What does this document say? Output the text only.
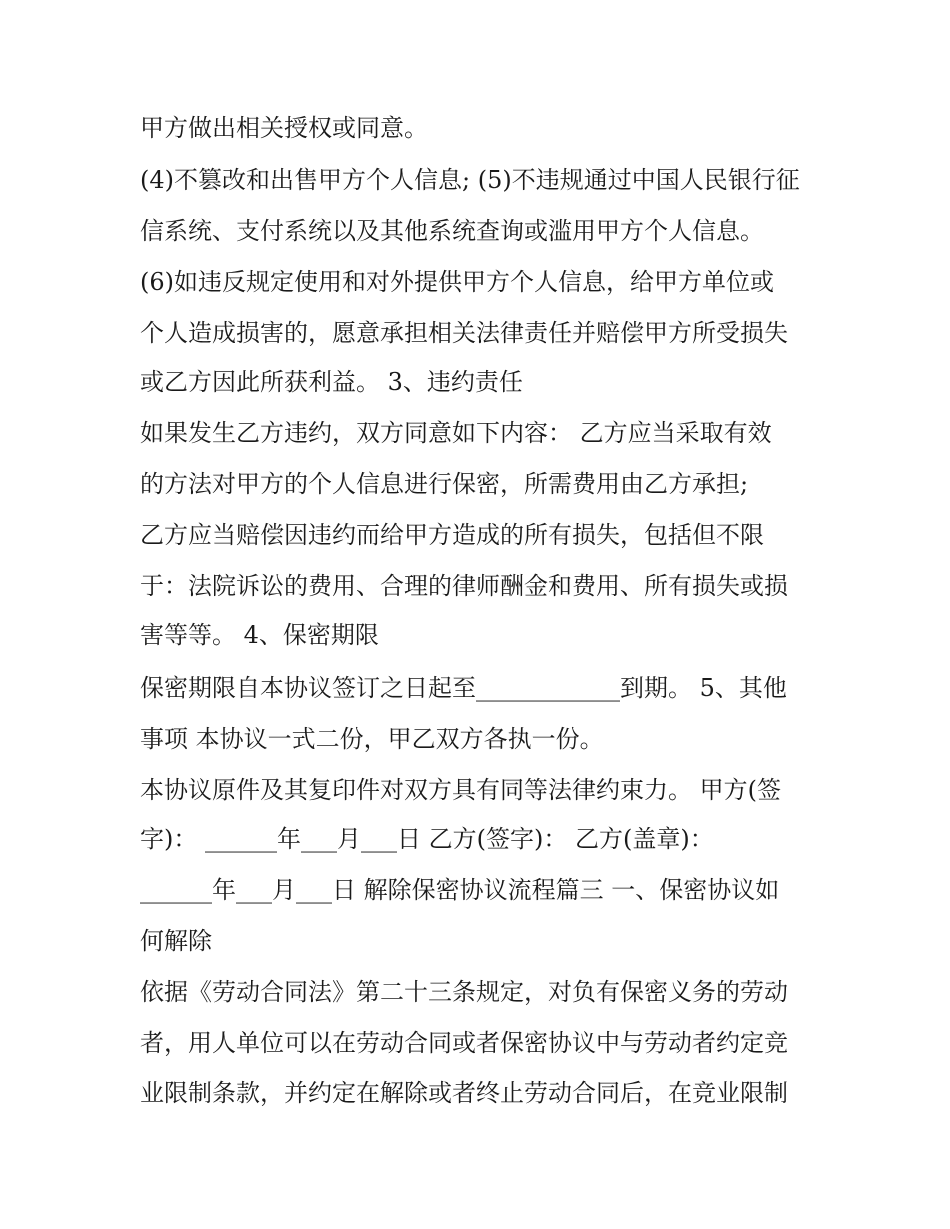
甲方做出相关授权或同意。
(4)不篡改和出售甲方个人信息; (5)不违规通过中国人民银行征
信系统、支付系统以及其他系统查询或滥用甲方个人信息。
(6)如违反规定使用和对外提供甲方个人信息，给甲方单位或
个人造成损害的，愿意承担相关法律责任并赔偿甲方所受损失
或乙方因此所获利益。 3、违约责任
如果发生乙方违约，双方同意如下内容： 乙方应当采取有效
的方法对甲方的个人信息进行保密，所需费用由乙方承担;
乙方应当赔偿因违约而给甲方造成的所有损失，包括但不限
于：法院诉讼的费用、合理的律师酬金和费用、所有损失或损
害等等。 4、保密期限
保密期限自本协议签订之日起至____________到期。 5、其他
事项 本协议一式二份，甲乙双方各执一份。
本协议原件及其复印件对双方具有同等法律约束力。 甲方(签
字)： ______年___月___日 乙方(签字)： 乙方(盖章)：
______年___月___日 解除保密协议流程篇三 一、保密协议如
何解除
依据《劳动合同法》第二十三条规定，对负有保密义务的劳动
者，用人单位可以在劳动合同或者保密协议中与劳动者约定竞
业限制条款，并约定在解除或者终止劳动合同后，在竞业限制
